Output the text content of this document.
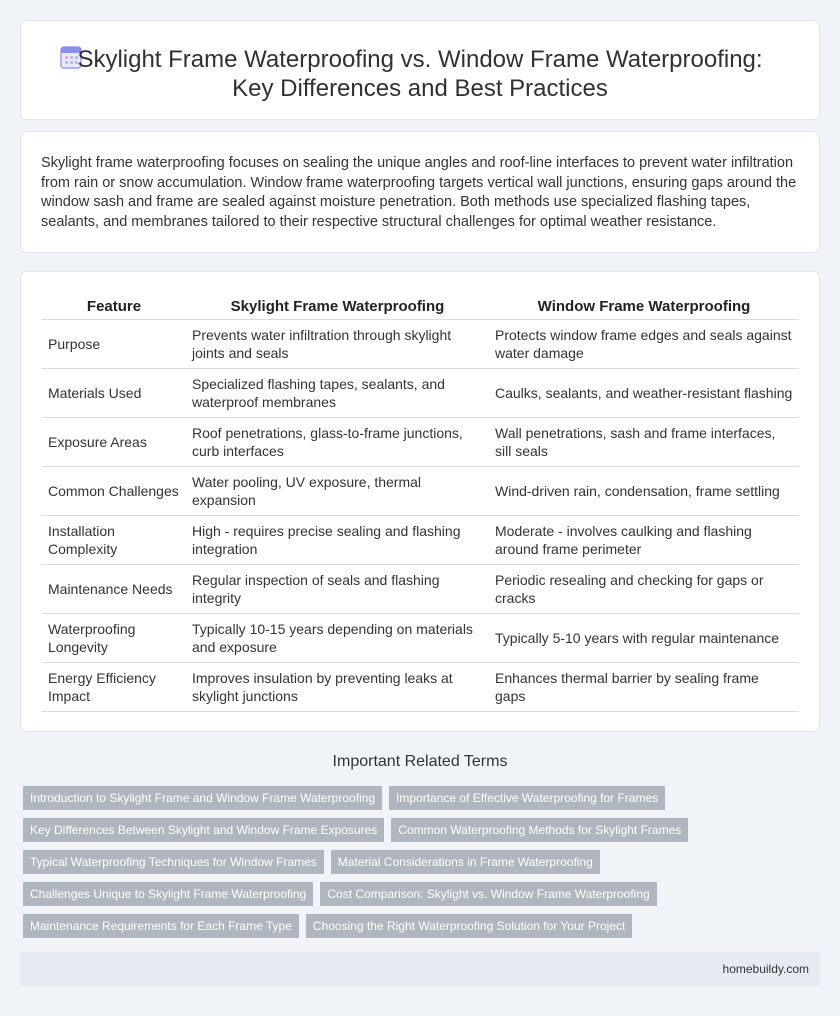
Skylight Frame Waterproofing vs. Window Frame Waterproofing:
Key Differences and Best Practices

Skylight frame waterproofing focuses on sealing the unique angles and roof-line interfaces to prevent water infiltration from rain or snow accumulation. Window frame waterproofing targets vertical wall junctions, ensuring gaps around the window sash and frame are sealed against moisture penetration. Both methods use specialized flashing tapes, sealants, and membranes tailored to their respective structural challenges for optimal weather resistance.

Feature	Skylight Frame Waterproofing	Window Frame Waterproofing
Purpose	Prevents water infiltration through skylight joints and seals	Protects window frame edges and seals against water damage
Materials Used	Specialized flashing tapes, sealants, and waterproof membranes	Caulks, sealants, and weather-resistant flashing
Exposure Areas	Roof penetrations, glass-to-frame junctions, curb interfaces	Wall penetrations, sash and frame interfaces, sill seals
Common Challenges	Water pooling, UV exposure, thermal expansion	Wind-driven rain, condensation, frame settling
Installation Complexity	High - requires precise sealing and flashing integration	Moderate - involves caulking and flashing around frame perimeter
Maintenance Needs	Regular inspection of seals and flashing integrity	Periodic resealing and checking for gaps or cracks
Waterproofing Longevity	Typically 10-15 years depending on materials and exposure	Typically 5-10 years with regular maintenance
Energy Efficiency Impact	Improves insulation by preventing leaks at skylight junctions	Enhances thermal barrier by sealing frame gaps
Important Related Terms
Introduction to Skylight Frame and Window Frame Waterproofing	Importance of Effective Waterproofing for Frames
Key Differences Between Skylight and Window Frame Exposures	Common Waterproofing Methods for Skylight Frames
Typical Waterproofing Techniques for Window Frames	Material Considerations in Frame Waterproofing
Challenges Unique to Skylight Frame Waterproofing	Cost Comparison: Skylight vs. Window Frame Waterproofing
Maintenance Requirements for Each Frame Type	Choosing the Right Waterproofing Solution for Your Project
homebuildy.com
